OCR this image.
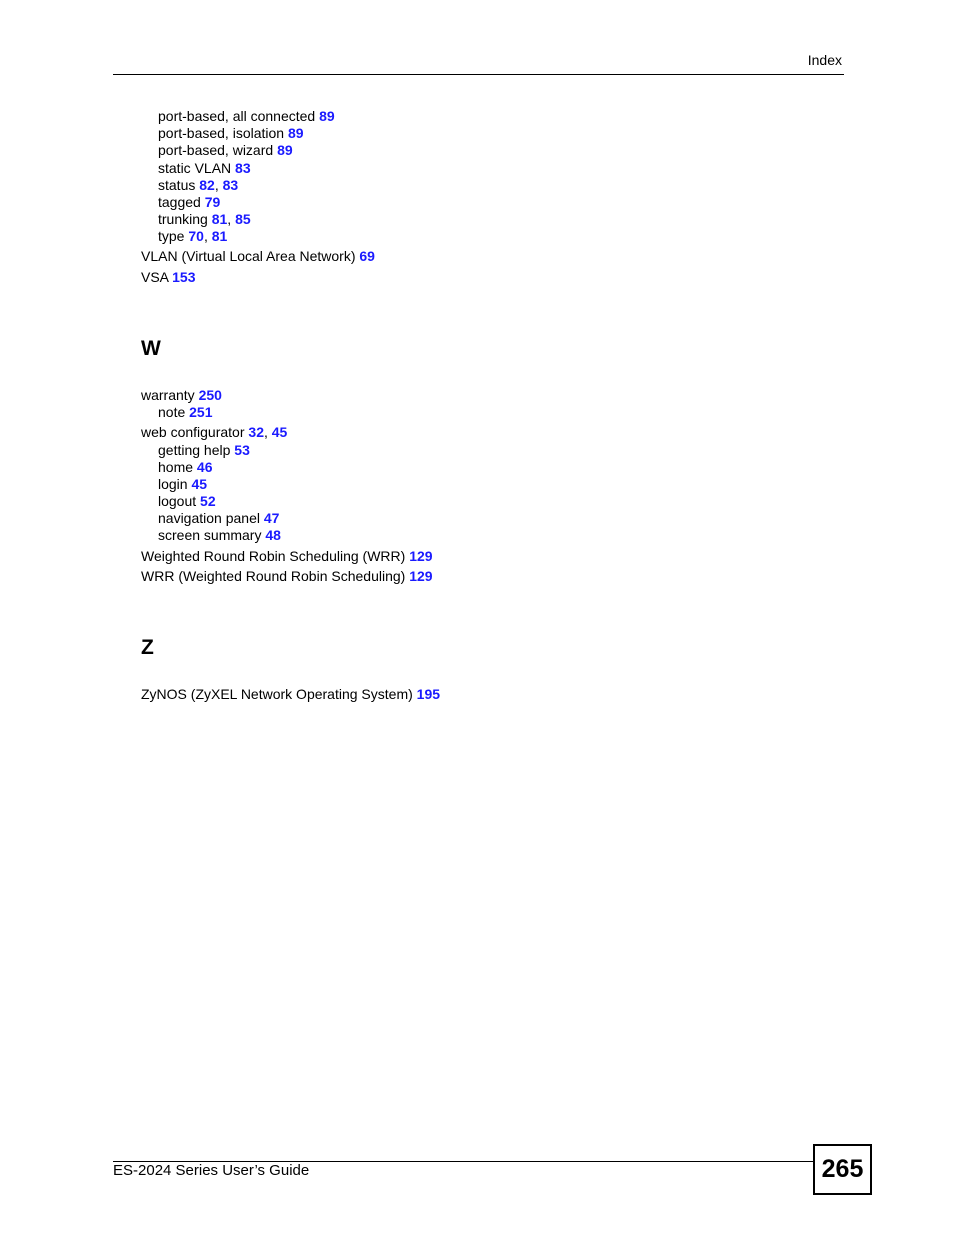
Index
port-based, all connected 89
port-based, isolation 89
port-based, wizard 89
static VLAN 83
status 82, 83
tagged 79
trunking 81, 85
type 70, 81
VLAN (Virtual Local Area Network) 69
VSA 153
W
warranty 250
note 251
web configurator 32, 45
getting help 53
home 46
login 45
logout 52
navigation panel 47
screen summary 48
Weighted Round Robin Scheduling (WRR) 129
WRR (Weighted Round Robin Scheduling) 129
Z
ZyNOS (ZyXEL Network Operating System) 195
ES-2024 Series User’s Guide	265
